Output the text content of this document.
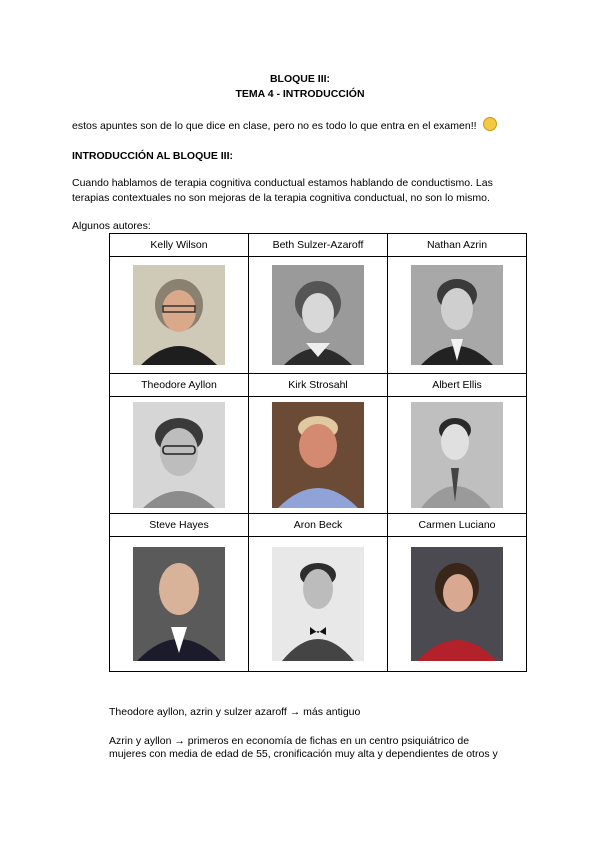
BLOQUE III:
TEMA 4 - INTRODUCCIÓN
estos apuntes son de lo que dice en clase, pero no es todo lo que entra en el examen!!
INTRODUCCIÓN AL BLOQUE III:
Cuando hablamos de terapia cognitiva conductual estamos hablando de conductismo. Las
terapias contextuales no son mejoras de la terapia cognitiva conductual, no son lo mismo.
Algunos autores:
Kelly Wilson	Beth Sulzer-Azaroff	Nathan Azrin

Theodore Ayllon	Kirk Strosahl	Albert Ellis

Steve Hayes	Aron Beck	Carmen Luciano

Theodore ayllon, azrin y sulzer azaroff → más antiguo
Azrin y ayllon → primeros en economía de fichas en un centro psiquiátrico de
mujeres con media de edad de 55, cronificación muy alta y dependientes de otros y
